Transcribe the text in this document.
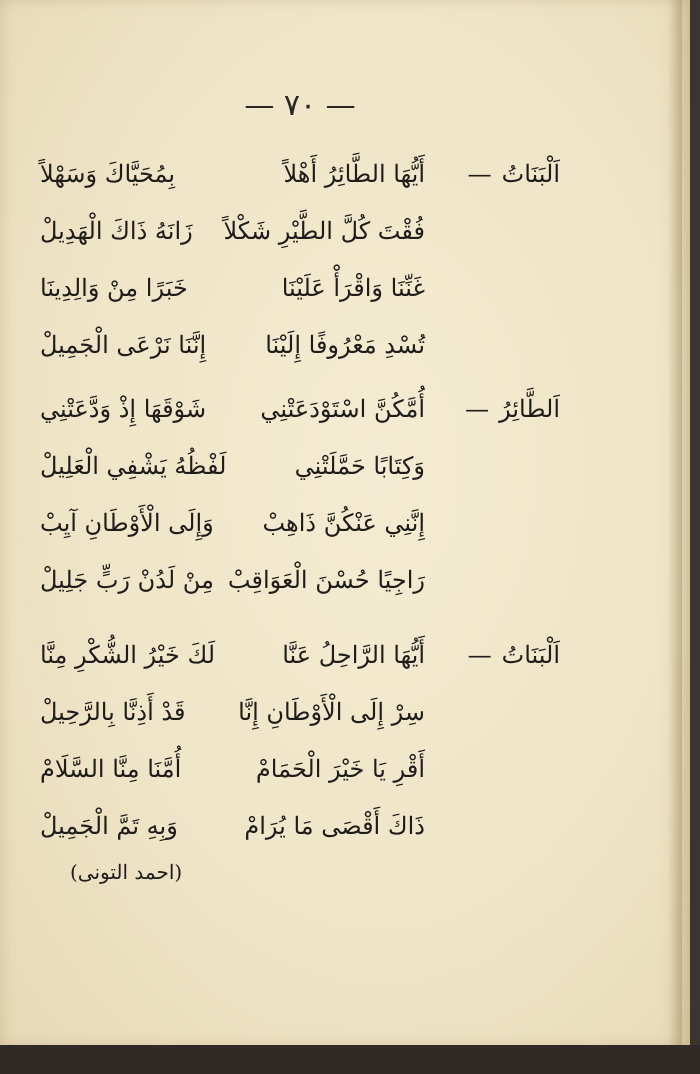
— ٧٠ —
اَلْبَنَاتُ—
أَيُّهَا الطَّائِرُ أَهْلاً
بِمُحَيَّاكَ وَسَهْلاً
فُقْتَ كُلَّ الطَّيْرِ شَكْلاً
زَانَهُ ذَاكَ الْهَدِيلْ
غَنِّنَا وَاقْرَأْ عَلَيْنَا
خَبَرًا مِنْ وَالِدِينَا
تُسْدِ مَعْرُوفًا إِلَيْنَا
إِنَّنَا نَرْعَى الْجَمِيلْ
اَلطَّائِرُ—
أُمَّكُنَّ اسْتَوْدَعَتْنِي
شَوْقَهَا إِذْ وَدَّعَتْنِي
وَكِتَابًا حَمَّلَتْنِي
لَفْظُهُ يَشْفِي الْعَلِيلْ
إِنَّنِي عَنْكُنَّ ذَاهِبْ
وَإِلَى الْأَوْطَانِ آيِبْ
رَاجِيًا حُسْنَ الْعَوَاقِبْ
مِنْ لَدُنْ رَبٍّ جَلِيلْ
اَلْبَنَاتُ—
أَيُّهَا الرَّاحِلُ عَنَّا
لَكَ خَيْرُ الشُّكْرِ مِنَّا
سِرْ إِلَى الْأَوْطَانِ إِنَّا
قَدْ أَذِنَّا بِالرَّحِيلْ
أَقْرِ يَا خَيْرَ الْحَمَامْ
أُمَّنَا مِنَّا السَّلَامْ
ذَاكَ أَقْصَى مَا يُرَامْ
وَبِهِ تَمَّ الْجَمِيلْ
(احمد التونى)
